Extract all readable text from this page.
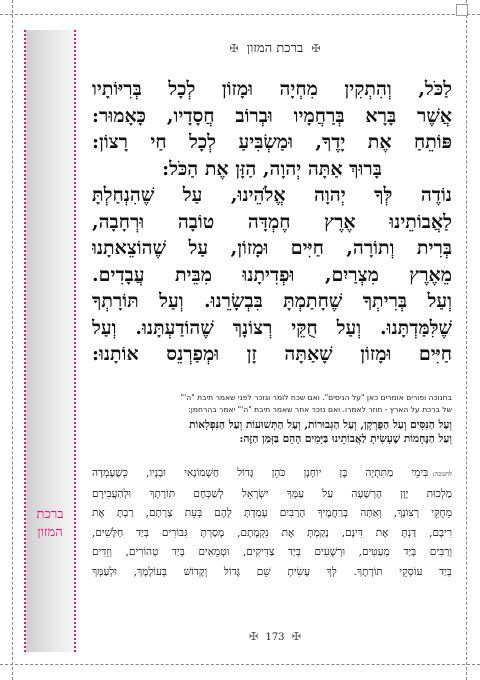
ברכת
המזון
✠ ברכת המזון ✠
לַכֹּל, וְהִתְקִין מִחְיָה וּמָזוֹן לְכָל בְּרִיּוֹתָיו
אֲשֶׁר בָּרָא בְּרַחֲמָיו וּבְרוֹב חֲסָדָיו, כָּאָמוּר:
פּוֹתֵחַ אֶת יָדֶךָ, וּמַשְׂבִּיעַ לְכָל חַי רָצוֹן:
בָּרוּךְ אַתָּה יְהוָה, הַזָּן אֶת הַכֹּל:
נוֹדֶה לְּךָ יְהוָה אֱלֹהֵינוּ, עַל שֶׁהִנְחַלְתָּ
לַאֲבוֹתֵינוּ אֶרֶץ חֶמְדָּה טוֹבָה וּרְחָבָה,
בְּרִית וְתוֹרָה, חַיִּים וּמָזוֹן, עַל שֶׁהוֹצֵאתָנוּ
מֵאֶרֶץ מִצְרַיִם, וּפְדִיתָנוּ מִבֵּית עֲבָדִים.
וְעַל בְּרִיתְךָ שֶׁחָתַמְתָּ בִּבְשָׂרֵנוּ. וְעַל תּוֹרָתְךָ
שֶׁלִּמַּדְתָּנוּ. וְעַל חֻקֵּי רְצוֹנָךְ שֶׁהוֹדַעְתָּנוּ. וְעַל
חַיִּים וּמָזוֹן שָׁאַתָּה זָן וּמְפַרְנֵס אוֹתָנוּ:
בחנוכה ופורים אומרים כאן "על הניסים". ואם שכח לומר וגזכר לפני שאמר תיבת "ה'"
של ברכת על הארץ - חוזר לאמרו. ואם נזכר אחר שאמר תיבת "ה'" יאמר בהרחמן:
וְעַל הַנִּסִּים וְעַל הַפֻּרְקָן, וְעַל הַגְּבוּרוֹת, וְעַל הַתְּשׁוּעוֹת וְעַל הַנִּפְלָאוֹת
וְעַל הַנֶּחָמוֹת שֶׁעָשִׂיתָ לַאֲבוֹתֵינוּ בַּיָּמִים הָהֵם בַּזְּמַן הַזֶּה:
לחנוכה:בִּימֵי מַתִּתְיָה בֶּן יוֹחָנָן כֹּהֵן גָּדוֹל חַשְׁמוֹנָאִי וּבָנָיו, כְּשֶׁעָמְדָה
מַלְכוּת יָוָן הָרְשָׁעָה עַל עַמְּךָ יִשְׂרָאֵל לְשַׁכְּחָם תּוֹרָתָךְ וּלְהַעֲבִירָם
מֵחֻקֵּי רְצוֹנָךְ, וְאַתָּה בְּרַחֲמֶיךָ הָרַבִּים עָמַדְתָּ לָהֶם בְּעֵת צָרָתָם, רַבְתָּ אֶת
רִיבָם, דַּנְתָּ אֶת דִּינָם, נָקַמְתָּ אֶת נִקְמָתָם, מָסַרְתָּ גִּבּוֹרִים בְּיַד חַלָּשִׁים,
וְרַבִּים בְּיַד מְעַטִּים, וּרְשָׁעִים בְּיַד צַדִּיקִים, וּטְמֵאִים בְּיַד טְהוֹרִים, וְזֵדִים
בְּיַד עוֹסְקֵי תוֹרָתֶךָ. לְךָ עָשִׂיתָ שֵׁם גָּדוֹל וְקָדוֹשׁ בְּעוֹלָמָךְ, וּלְעַמְּךָ
✠ 173 ✠
